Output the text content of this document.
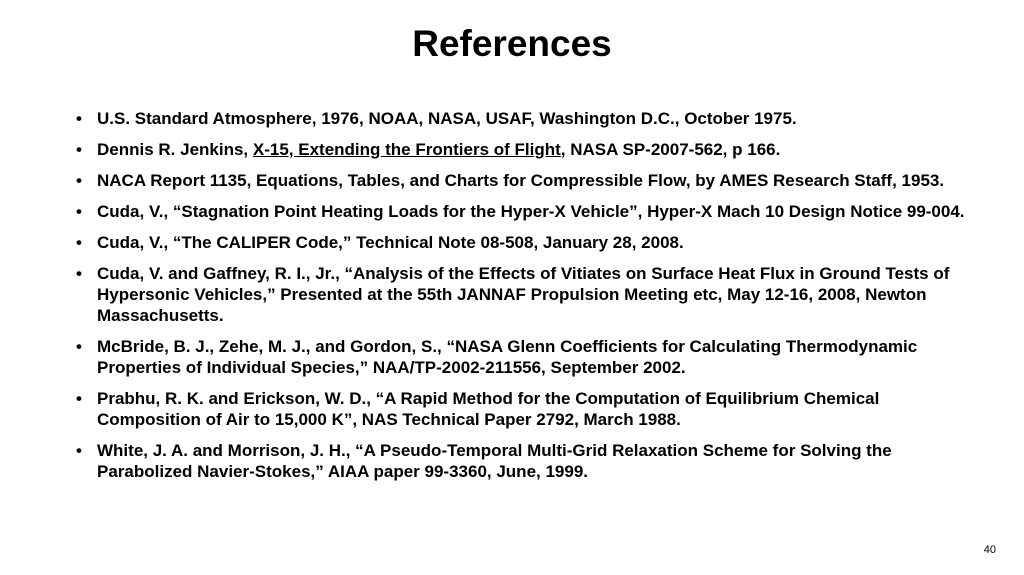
References
• U.S. Standard Atmosphere, 1976, NOAA, NASA, USAF, Washington D.C., October 1975.
• Dennis R. Jenkins, X-15, Extending the Frontiers of Flight, NASA SP-2007-562, p 166.
• NACA Report 1135, Equations, Tables, and Charts for Compressible Flow, by AMES Research Staff, 1953.
• Cuda, V., “Stagnation Point Heating Loads for the Hyper-X Vehicle”, Hyper-X Mach 10 Design Notice 99-004.
• Cuda, V., “The CALIPER Code,” Technical Note 08-508, January 28, 2008.
• Cuda, V. and Gaffney, R. I., Jr., “Analysis of the Effects of Vitiates on Surface Heat Flux in Ground Tests of Hypersonic Vehicles,” Presented at the 55th JANNAF Propulsion Meeting etc, May 12-16, 2008, Newton Massachusetts.
• McBride, B. J., Zehe, M. J., and Gordon, S., “NASA Glenn Coefficients for Calculating Thermodynamic Properties of Individual Species,” NAA/TP-2002-211556, September 2002.
• Prabhu, R. K. and Erickson, W. D., “A Rapid Method for the Computation of Equilibrium Chemical Composition of Air to 15,000 K”, NAS Technical Paper 2792, March 1988.
• White, J. A. and Morrison, J. H., “A Pseudo-Temporal Multi-Grid Relaxation Scheme for Solving the Parabolized Navier-Stokes,” AIAA paper 99-3360, June, 1999.
40
